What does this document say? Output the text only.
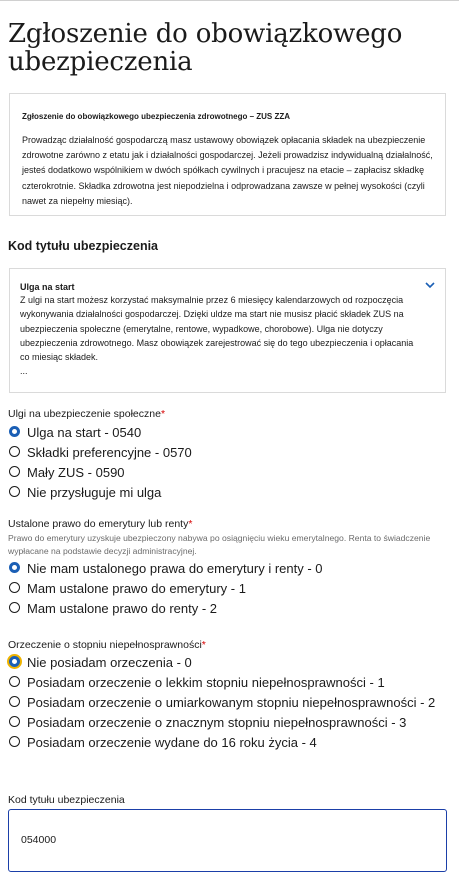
Zgłoszenie do obowiązkowego ubezpieczenia
Zgłoszenie do obowiązkowego ubezpieczenia zdrowotnego – ZUS ZZA

Prowadząc działalność gospodarczą masz ustawowy obowiązek opłacania składek na ubezpieczenie zdrowotne zarówno z etatu jak i działalności gospodarczej. Jeżeli prowadzisz indywidualną działalność, jesteś dodatkowo wspólnikiem w dwóch spółkach cywilnych i pracujesz na etacie – zapłacisz składkę czterokrotnie. Składka zdrowotna jest niepodzielna i odprowadzana zawsze w pełnej wysokości (czyli nawet za niepełny miesiąc).

Kod tytułu ubezpieczenia
Ulga na start

Z ulgi na start możesz korzystać maksymalnie przez 6 miesięcy kalendarzowych od rozpoczęcia wykonywania działalności gospodarczej. Dzięki uldze ma start nie musisz płacić składek ZUS na ubezpieczenia społeczne (emerytalne, rentowe, wypadkowe, chorobowe). Ulga nie dotyczy ubezpieczenia zdrowotnego. Masz obowiązek zarejestrować się do tego ubezpieczenia i opłacania co miesiąc składek.

...
Ulgi na ubezpieczenie społeczne*
Ulga na start - 0540
Składki preferencyjne - 0570
Mały ZUS - 0590
Nie przysługuje mi ulga
Ustalone prawo do emerytury lub renty*
Prawo do emerytury uzyskuje ubezpieczony nabywa po osiągnięciu wieku emerytalnego. Renta to świadczenie wypłacane na podstawie decyzji administracyjnej.
Nie mam ustalonego prawa do emerytury i renty - 0
Mam ustalone prawo do emerytury - 1
Mam ustalone prawo do renty - 2
Orzeczenie o stopniu niepełnosprawności*
Nie posiadam orzeczenia - 0
Posiadam orzeczenie o lekkim stopniu niepełnosprawności - 1
Posiadam orzeczenie o umiarkowanym stopniu niepełnosprawności - 2
Posiadam orzeczenie o znacznym stopniu niepełnosprawności - 3
Posiadam orzeczenie wydane do 16 roku życia - 4
Kod tytułu ubezpieczenia
054000
